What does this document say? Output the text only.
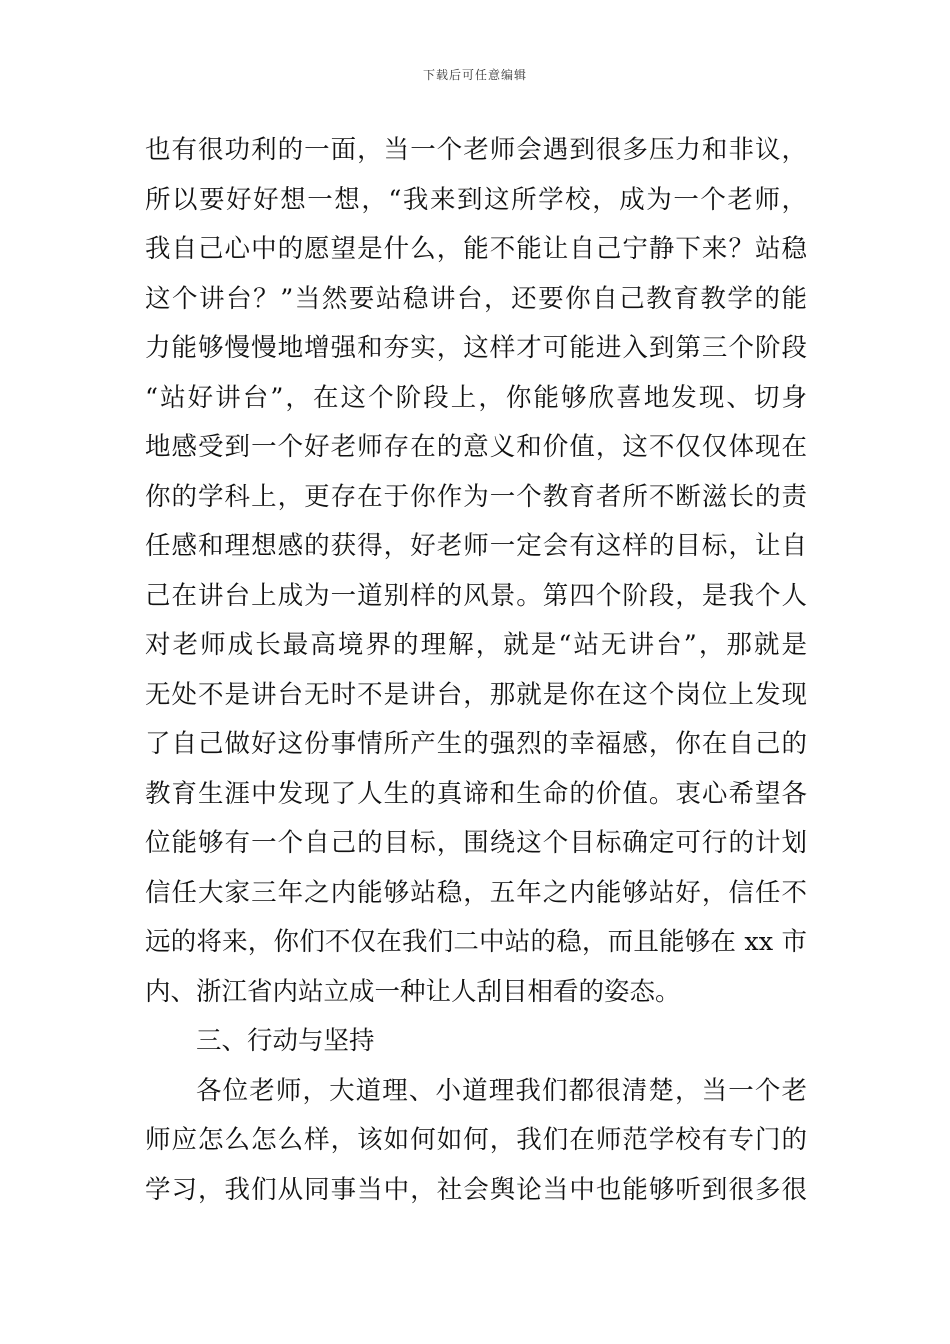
下载后可任意编辑
也有很功利的一面，当一个老师会遇到很多压力和非议，
所以要好好想一想，“我来到这所学校，成为一个老师，
我自己心中的愿望是什么，能不能让自己宁静下来？站稳
这个讲台？”当然要站稳讲台，还要你自己教育教学的能
力能够慢慢地增强和夯实，这样才可能进入到第三个阶段
“站好讲台”，在这个阶段上，你能够欣喜地发现、切身
地感受到一个好老师存在的意义和价值，这不仅仅体现在
你的学科上，更存在于你作为一个教育者所不断滋长的责
任感和理想感的获得，好老师一定会有这样的目标，让自
己在讲台上成为一道别样的风景。第四个阶段，是我个人
对老师成长最高境界的理解，就是“站无讲台”，那就是
无处不是讲台无时不是讲台，那就是你在这个岗位上发现
了自己做好这份事情所产生的强烈的幸福感，你在自己的
教育生涯中发现了人生的真谛和生命的价值。衷心希望各
位能够有一个自己的目标，围绕这个目标确定可行的计划
信任大家三年之内能够站稳，五年之内能够站好，信任不
远的将来，你们不仅在我们二中站的稳，而且能够在 xx 市
内、浙江省内站立成一种让人刮目相看的姿态。
三、行动与坚持
各位老师，大道理、小道理我们都很清楚，当一个老
师应怎么怎么样，该如何如何，我们在师范学校有专门的
学习，我们从同事当中，社会舆论当中也能够听到很多很
